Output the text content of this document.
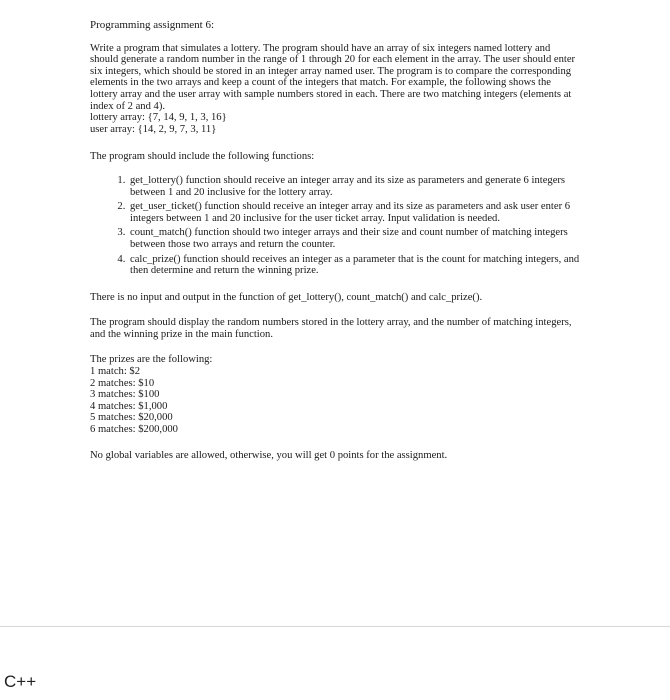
Programming assignment 6:

Write a program that simulates a lottery. The program should have an array of six integers named lottery and should generate a random number in the range of 1 through 20 for each element in the array. The user should enter six integers, which should be stored in an integer array named user. The program is to compare the corresponding elements in the two arrays and keep a count of the integers that match. For example, the following shows the lottery array and the user array with sample numbers stored in each. There are two matching integers (elements at index of 2 and 4).

lottery array: {7, 14, 9, 1, 3, 16}

user array: {14, 2, 9, 7, 3, 11}

The program should include the following functions:

1. get_lottery() function should receive an integer array and its size as parameters and generate 6 integers between 1 and 20 inclusive for the lottery array.
2. get_user_ticket() function should receive an integer array and its size as parameters and ask user enter 6 integers between 1 and 20 inclusive for the user ticket array. Input validation is needed.
3. count_match() function should two integer arrays and their size and count number of matching integers between those two arrays and return the counter.
4. calc_prize() function should receives an integer as a parameter that is the count for matching integers, and then determine and return the winning prize.

There is no input and output in the function of get_lottery(), count_match() and calc_prize().

The program should display the random numbers stored in the lottery array, and the number of matching integers, and the winning prize in the main function.

The prizes are the following:

1 match: $2
2 matches: $10
3 matches: $100
4 matches: $1,000
5 matches: $20,000
6 matches: $200,000

No global variables are allowed, otherwise, you will get 0 points for the assignment.

C++
